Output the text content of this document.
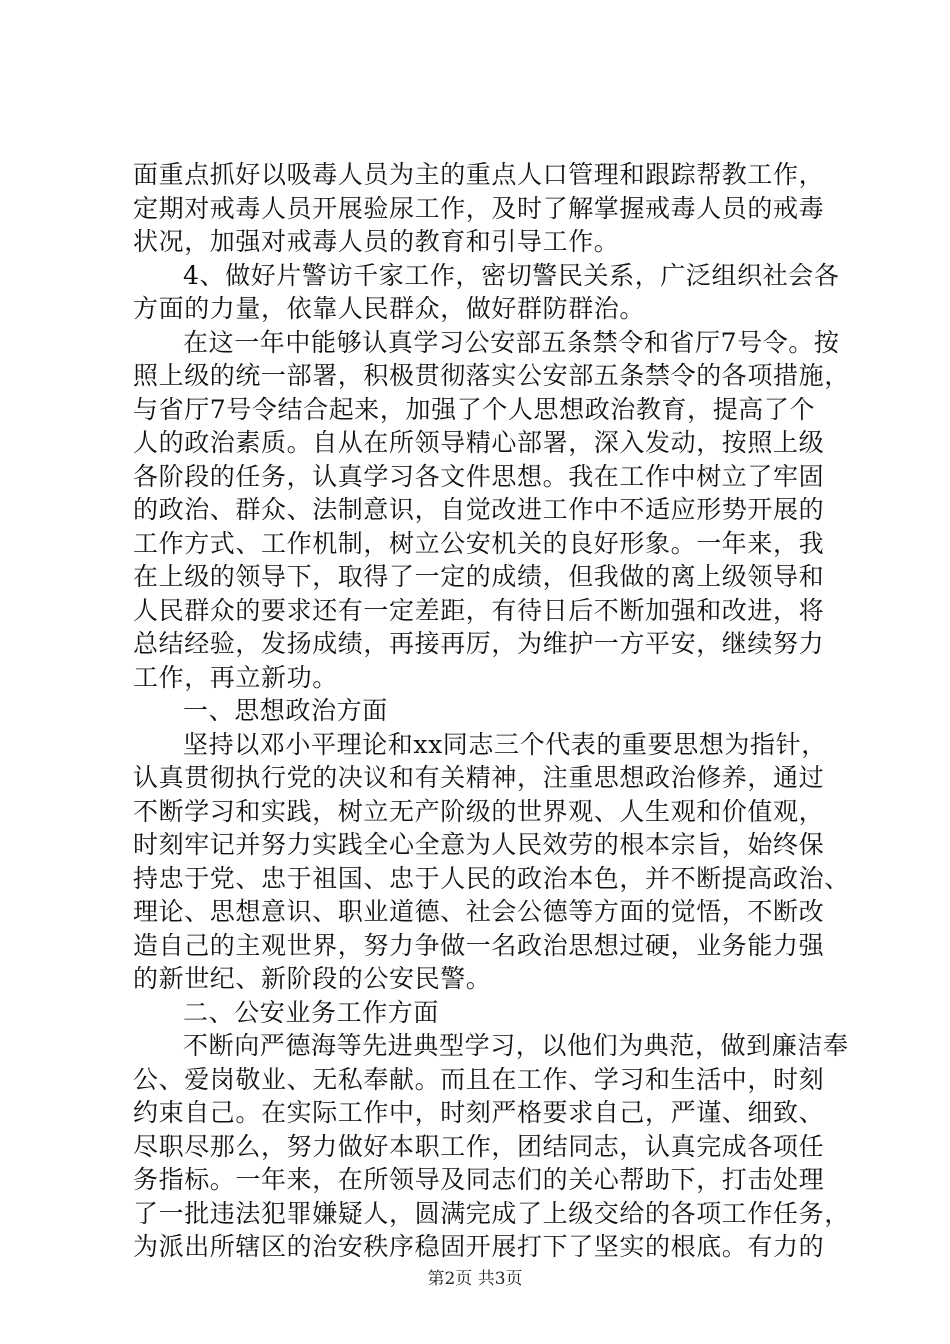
面重点抓好以吸毒人员为主的重点人口管理和跟踪帮教工作，
定期对戒毒人员开展验尿工作，及时了解掌握戒毒人员的戒毒
状况，加强对戒毒人员的教育和引导工作。
4、做好片警访千家工作，密切警民关系，广泛组织社会各
方面的力量，依靠人民群众，做好群防群治。
在这一年中能够认真学习公安部五条禁令和省厅7号令。按
照上级的统一部署，积极贯彻落实公安部五条禁令的各项措施，
与省厅7号令结合起来，加强了个人思想政治教育，提高了个
人的政治素质。自从在所领导精心部署，深入发动，按照上级
各阶段的任务，认真学习各文件思想。我在工作中树立了牢固
的政治、群众、法制意识，自觉改进工作中不适应形势开展的
工作方式、工作机制，树立公安机关的良好形象。一年来，我
在上级的领导下，取得了一定的成绩，但我做的离上级领导和
人民群众的要求还有一定差距，有待日后不断加强和改进，将
总结经验，发扬成绩，再接再厉，为维护一方平安，继续努力
工作，再立新功。
一、思想政治方面
坚持以邓小平理论和xx同志三个代表的重要思想为指针，
认真贯彻执行党的决议和有关精神，注重思想政治修养，通过
不断学习和实践，树立无产阶级的世界观、人生观和价值观，
时刻牢记并努力实践全心全意为人民效劳的根本宗旨，始终保
持忠于党、忠于祖国、忠于人民的政治本色，并不断提高政治、
理论、思想意识、职业道德、社会公德等方面的觉悟，不断改
造自己的主观世界，努力争做一名政治思想过硬，业务能力强
的新世纪、新阶段的公安民警。
二、公安业务工作方面
不断向严德海等先进典型学习，以他们为典范，做到廉洁奉
公、爱岗敬业、无私奉献。而且在工作、学习和生活中，时刻
约束自己。在实际工作中，时刻严格要求自己，严谨、细致、
尽职尽那么，努力做好本职工作，团结同志，认真完成各项任
务指标。一年来，在所领导及同志们的关心帮助下，打击处理
了一批违法犯罪嫌疑人，圆满完成了上级交给的各项工作任务，
为派出所辖区的治安秩序稳固开展打下了坚实的根底。有力的
第2页 共3页
